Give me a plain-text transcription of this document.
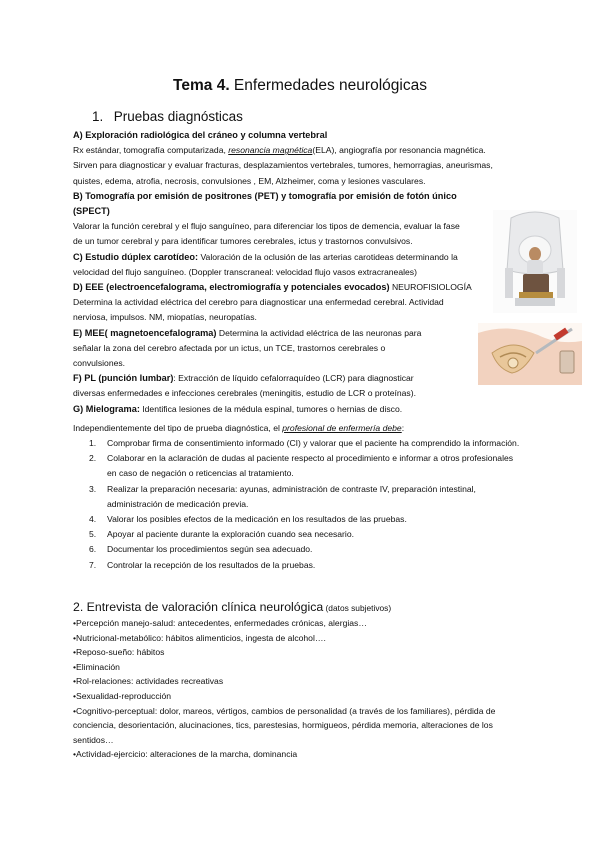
Tema 4. Enfermedades neurológicas
1. Pruebas diagnósticas
A) Exploración radiológica del cráneo y columna vertebral
Rx estándar, tomografía computarizada, resonancia magnética(ELA), angiografía por resonancia magnética.
Sirven para diagnosticar y evaluar fracturas, desplazamientos vertebrales, tumores, hemorragias, aneurismas,
quistes, edema, atrofia, necrosis, convulsiones , EM, Alzheimer, coma y lesiones vasculares.
B) Tomografía por emisión de positrones (PET) y tomografía por emisión de fotón único
(SPECT)
Valorar la función cerebral y el flujo sanguíneo, para diferenciar los tipos de demencia, evaluar la fase
de un tumor cerebral y para identificar tumores cerebrales, ictus y trastornos convulsivos.
C) Estudio dúplex carotídeo: Valoración de la oclusión de las arterias carotideas determinando la
velocidad del flujo sanguíneo. (Doppler transcraneal: velocidad flujo vasos extracraneales)
D) EEE (electroencefalograma, electromiografía y potenciales evocados) NEUROFISIOLOGÍA
Determina la actividad eléctrica del cerebro para diagnosticar una enfermedad cerebral. Actividad
nerviosa, impulsos. NM, miopatías, neuropatías.
E) MEE( magnetoencefalograma) Determina la actividad eléctrica de las neuronas para
señalar la zona del cerebro afectada por un ictus, un TCE, trastornos cerebrales o
convulsiones.
F) PL (punción lumbar): Extracción de líquido cefalorraquídeo (LCR) para diagnosticar
diversas enfermedades e infecciones cerebrales (meningitis, estudio de LCR o proteínas).
G) Mielograma: Identifica lesiones de la médula espinal, tumores o hernias de disco.
Independientemente del tipo de prueba diagnóstica, el profesional de enfermería debe:
1. Comprobar firma de consentimiento informado (CI) y valorar que el paciente ha comprendido la información.
2. Colaborar en la aclaración de dudas al paciente respecto al procedimiento e informar a otros profesionales en caso de negación o reticencias al tratamiento.
3. Realizar la preparación necesaria: ayunas, administración de contraste IV, preparación intestinal, administración de medicación previa.
4. Valorar los posibles efectos de la medicación en los resultados de las pruebas.
5. Apoyar al paciente durante la exploración cuando sea necesario.
6. Documentar los procedimientos según sea adecuado.
7. Controlar la recepción de los resultados de la pruebas.
2. Entrevista de valoración clínica neurológica (datos subjetivos)
• Percepción manejo-salud: antecedentes, enfermedades crónicas, alergias…
• Nutricional-metabólico: hábitos alimenticios, ingesta de alcohol….
• Reposo-sueño: hábitos
• Eliminación
• Rol-relaciones: actividades recreativas
• Sexualidad-reproducción
• Cognitivo-perceptual: dolor, mareos, vértigos, cambios de personalidad (a través de los familiares), pérdida de conciencia, desorientación, alucinaciones, tics, parestesias, hormigueos, pérdida memoria, alteraciones de los sentidos…
• Actividad-ejercicio: alteraciones de la marcha, dominancia
